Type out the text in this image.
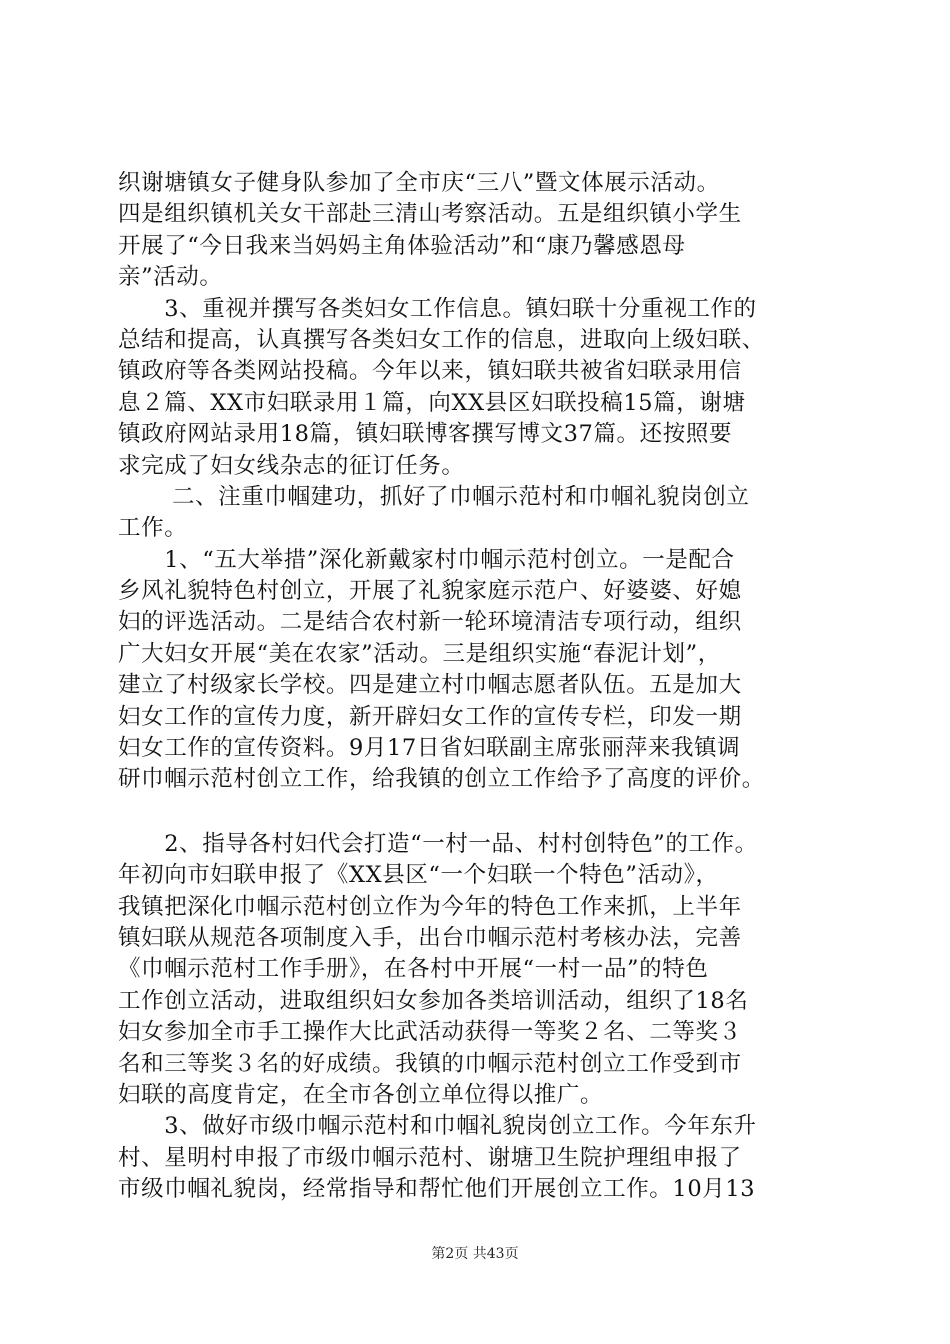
织谢塘镇女子健身队参加了全市庆“三八”暨文体展示活动。
四是组织镇机关女干部赴三清山考察活动。五是组织镇小学生
开展了“今日我来当妈妈主角体验活动”和“康乃馨感恩母
亲”活动。
　　3、重视并撰写各类妇女工作信息。镇妇联十分重视工作的
总结和提高，认真撰写各类妇女工作的信息，进取向上级妇联、
镇政府等各类网站投稿。今年以来，镇妇联共被省妇联录用信
息２篇、XX市妇联录用１篇，向XX县区妇联投稿15篇，谢塘
镇政府网站录用18篇，镇妇联博客撰写博文37篇。还按照要
求完成了妇女线杂志的征订任务。
　　 二、注重巾帼建功，抓好了巾帼示范村和巾帼礼貌岗创立
工作。
　　1、“五大举措”深化新戴家村巾帼示范村创立。一是配合
乡风礼貌特色村创立，开展了礼貌家庭示范户、好婆婆、好媳
妇的评选活动。二是结合农村新一轮环境清洁专项行动，组织
广大妇女开展“美在农家”活动。三是组织实施“春泥计划”，
建立了村级家长学校。四是建立村巾帼志愿者队伍。五是加大
妇女工作的宣传力度，新开辟妇女工作的宣传专栏，印发一期
妇女工作的宣传资料。9月17日省妇联副主席张丽萍来我镇调
研巾帼示范村创立工作，给我镇的创立工作给予了高度的评价。
　　2、指导各村妇代会打造“一村一品、村村创特色”的工作。
年初向市妇联申报了《XX县区“一个妇联一个特色”活动》，
我镇把深化巾帼示范村创立作为今年的特色工作来抓，上半年
镇妇联从规范各项制度入手，出台巾帼示范村考核办法，完善
《巾帼示范村工作手册》，在各村中开展“一村一品”的特色
工作创立活动，进取组织妇女参加各类培训活动，组织了18名
妇女参加全市手工操作大比武活动获得一等奖２名、二等奖３
名和三等奖３名的好成绩。我镇的巾帼示范村创立工作受到市
妇联的高度肯定，在全市各创立单位得以推广。
　　3、做好市级巾帼示范村和巾帼礼貌岗创立工作。今年东升
村、星明村申报了市级巾帼示范村、谢塘卫生院护理组申报了
市级巾帼礼貌岗，经常指导和帮忙他们开展创立工作。10月13
第2页 共43页
